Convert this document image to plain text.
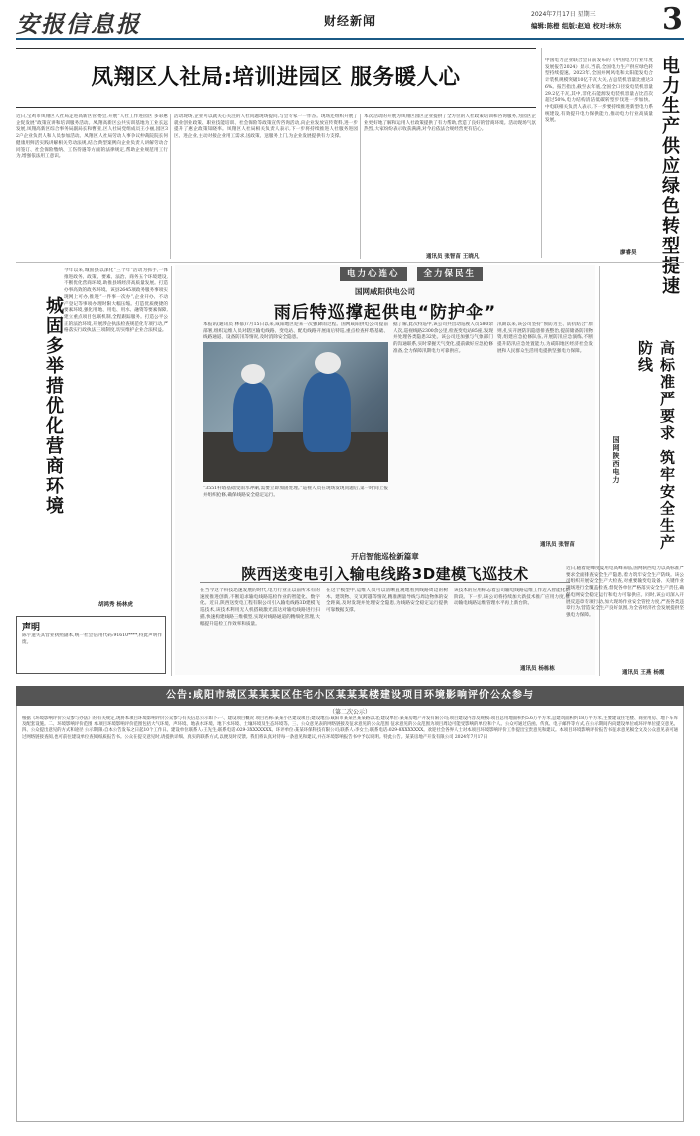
安报信息报	财经新闻	2024年7月17日 星期三
编辑:陈橙 组版:赵迪 校对:林东 3
凤翔区人社局:培训进园区 服务暖人心
近日,宝鸡市凤翔区人社局走进高新区管委会,开展“人社工作进园区 多彩惠企促发展”政策宣讲和培训服务活动。凤翔高新区公共实训基地为工业长远发展,凤翔高新区综合事务局副局长和曹亚,区人社局党组成员王小丽,园区32户企业负责人和人员参加活动。凤翔区人社局劳动人事争议仲裁院院长何健康用鲜活实践讲解相关劳动法规,结合典型案例向企业负责人讲解劳动合同签订、社会保险缴纳、工伤待遇等方面的法律规定,帮助企业规范用工行为,增强依法用工意识。
活动现场,企业可以就关心关注的人社问题现场提问,与会专家一一作答。现场还组织开展了就业创业政策、职业技能培训、社会保险等政策宣传咨询活动,向企业发放宣传资料,进一步提升了惠企政策知晓率。凤翔区人社局相关负责人表示,下一步将持续推进人社服务进园区、进企业,主动对接企业用工需求,送政策、送服务上门,为企业发展提供有力支撑。
本次活动的开展为凤翔区园区企业提供了全方位的人社政策培训和咨询服务,为园区企业更好地了解和运用人社政策提供了有力帮助,营造了良好的营商环境。活动现场气氛热烈,大家纷纷表示收获满满,对今后依法合规经营更有信心。
通讯员 张智苗 王晓凡	电力生产供应绿色转型提速
中国电力企业联合会日前发布的《中国电力行业年度发展报告2024》显示,当前,全国电力生产供应绿色转型持续提速。2023年,全国并网风电和太阳能发电合计装机规模突破10亿千瓦大关,占总装机容量比重达36%。报告指出,截至去年底,全国全口径发电装机容量29.2亿千瓦,其中,非化石能源发电装机容量占比首次超过50%,电力结构清洁低碳转型步伐进一步加快。中电联相关负责人表示,下一步要持续推进新型电力系统建设,有效提升电力保供能力,推动电力行业高质量发展。
廖睿昊
城固多举措优化营商环境
今年以来,城固县以深化“三个年”活动为抓手,一体推进政务、政策、要素、法治、商务五个环境建设,不断优化营商环境,助推县域经济高质量发展。打造办事高效的政务环境。该县2645项政务服务事项实现网上可办,推进“一件事一次办”,企业开办、不动产登记等事项办理时限大幅压缩。打造优质便捷的要素环境,强化用地、用电、用水、融资等要素保障,建立重点项目包联机制,全程跟踪服务。打造公平公正的法治环境,开展涉企执法检查规范化专项行动,严格落实行政执法三项制度,切实维护企业合法权益。
胡鸿秀 杨林虎
声明
陈宇遗失其营业执照副本,统一社会信用代码:91610****,特此声明作废。
电力心连心	全力保民生
国网咸阳供电公司
雨后特巡撑起供电“防护伞”
本报讯(通讯员 林郁)7月15日以来,咸阳地区迎来一次强降雨过程。国网咸阳供电公司提前部署,组织运维人员对辖区输电线路、变电站、配电线路开展雨后特巡,重点检查杆塔基础、线路通道、设备防汛等情况,及时消除安全隐患。
“3551杆塔基础受雨水冲刷,需要立即加固处理。”巡视人员在现场发现问题后,第一时间上报并组织抢修,确保线路安全稳定运行。
据了解,此次特巡中,该公司共出动巡视人员580余人次,巡视线路2300余公里,检查变电站85座,发现并处理各类隐患32处。该公司还加强与气象部门的沟通联系,实时掌握天气变化,提前做好应急抢修准备,全力保障汛期电力可靠供应。
汛期以来,该公司坚持“预防为主、防抗结合”原则,扎实开展防汛隐患排查整治,提前储备防汛物资,组建应急抢修队伍,开展防汛应急演练,不断提升防汛应急处置能力,为咸阳地区经济社会发展和人民群众生活用电提供坚强电力保障。
通讯员 张智苗
开启智能巡检新篇章
陕西送变电引入输电线路3D建模飞巡技术
在当今这个科技迅速发展的时代,电力行业正以前所未有的速度推进创新,不断追求输电线路巡检作业的智能化、数字化。近日,陕西送变电工程有限公司引入输电线路3D建模飞巡技术,该技术利用无人机搭载激光雷达对输电线路进行扫描,快速构建线路三维模型,实现对线路通道的精细化管理,大幅提升巡检工作效率和质量。
在这个模型中,运维人员可以清晰直观地看到线路周边的树木、建筑物、交叉跨越等情况,精准测量导线与周边物体的安全距离,及时发现并处理安全隐患,为线路安全稳定运行提供可靠数据支撑。
该技术的应用标志着公司输电线路运维工作迈入智能化新阶段。下一步,该公司将持续加大新技术推广应用力度,推动输电线路运维管理水平再上新台阶。
通讯员 杨栋栋
高标准严要求 筑牢安全生产防线
国网陕西电力
近日,随着迎峰度夏用电高峰来临,国网陕西电力以高标准严要求全面排查安全生产隐患,着力筑牢安全生产防线。该公司组织开展安全生产大检查,对重要输变电设备、关键作业现场进行全覆盖检查,督促各单位严格落实安全生产责任,确保电网安全稳定运行和电力可靠供应。同时,该公司深入开展反违章专项行动,加大现场作业安全管控力度,严查各类违章行为,营造安全生产良好氛围,为全省经济社会发展提供坚强电力保障。
通讯员 王燕 杨霞
公告:咸阳市城区某某某区住宅小区某某某楼建设项目环境影响评价公众参与
（第二次公示）
根据《环境影响评价公众参与办法》的有关规定,现将本项目环境影响评价公众参与有关信息公示如下:一、建设项目概况 项目名称:某某小区建设项目;建设地点:咸阳市某某区某某路以北;建设单位:某某房地产开发有限公司;项目建设内容及规模:项目总用地面积约5.6万平方米,总建筑面积约18万平方米,主要建设住宅楼、商业用房、地下车库及配套设施。二、环境影响评价范围 本项目环境影响评价范围包括大气环境、声环境、地表水环境、地下水环境、土壤环境及生态环境等。三、公众意见表的网络链接及征求意见的公众范围 征求意见的公众范围为项目周边可能受影响的单位和个人。公众可通过信函、传真、电子邮件等方式,在公示期间内向建设单位或环评单位提交意见。四、公众提出意见的方式和途径 公示期限:自本公告发布之日起10个工作日。建设单位联系人:王先生;联系电话:029-3XXXXXXX。环评单位:某某环保科技有限公司;联系人:李女士;联系电话:029-8XXXXXXX。欢迎社会各界人士对本项目环境影响评价工作提出宝贵意见和建议。本项目环境影响评价报告书征求意见稿全文及公众意见表可通过网络链接查阅,也可前往建设单位查阅纸质报告书。公众在提交意见时,请提供详细、真实的联系方式,以便及时反馈。我们将认真对待每一条意见和建议,并在环境影响报告书中予以说明。特此公告。某某房地产开发有限公司 2024年7月17日
